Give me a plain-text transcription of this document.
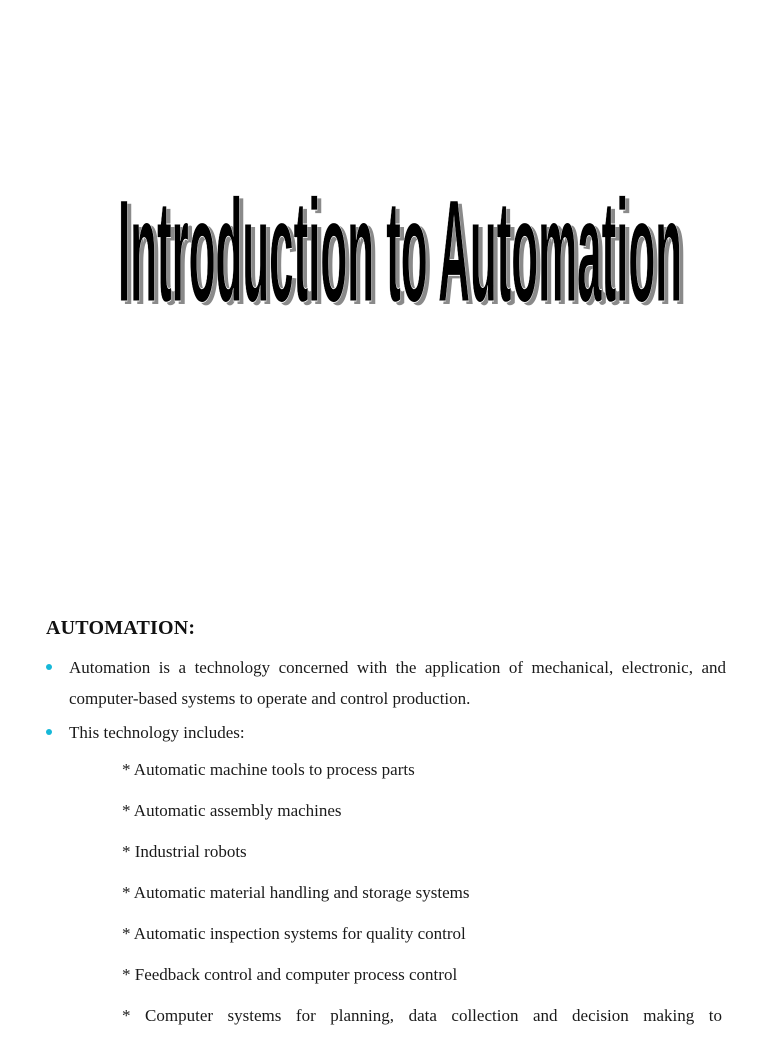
Introduction to Automation
Introduction to Automation
AUTOMATION:
Automation is a technology concerned with the application of mechanical, electronic, and computer-based systems to operate and control production.
This technology includes:
* Automatic machine tools to process parts
* Automatic assembly machines
* Industrial robots
* Automatic material handling and storage systems
* Automatic inspection systems for quality control
* Feedback control and computer process control
* Computer systems for planning, data collection and decision making to
